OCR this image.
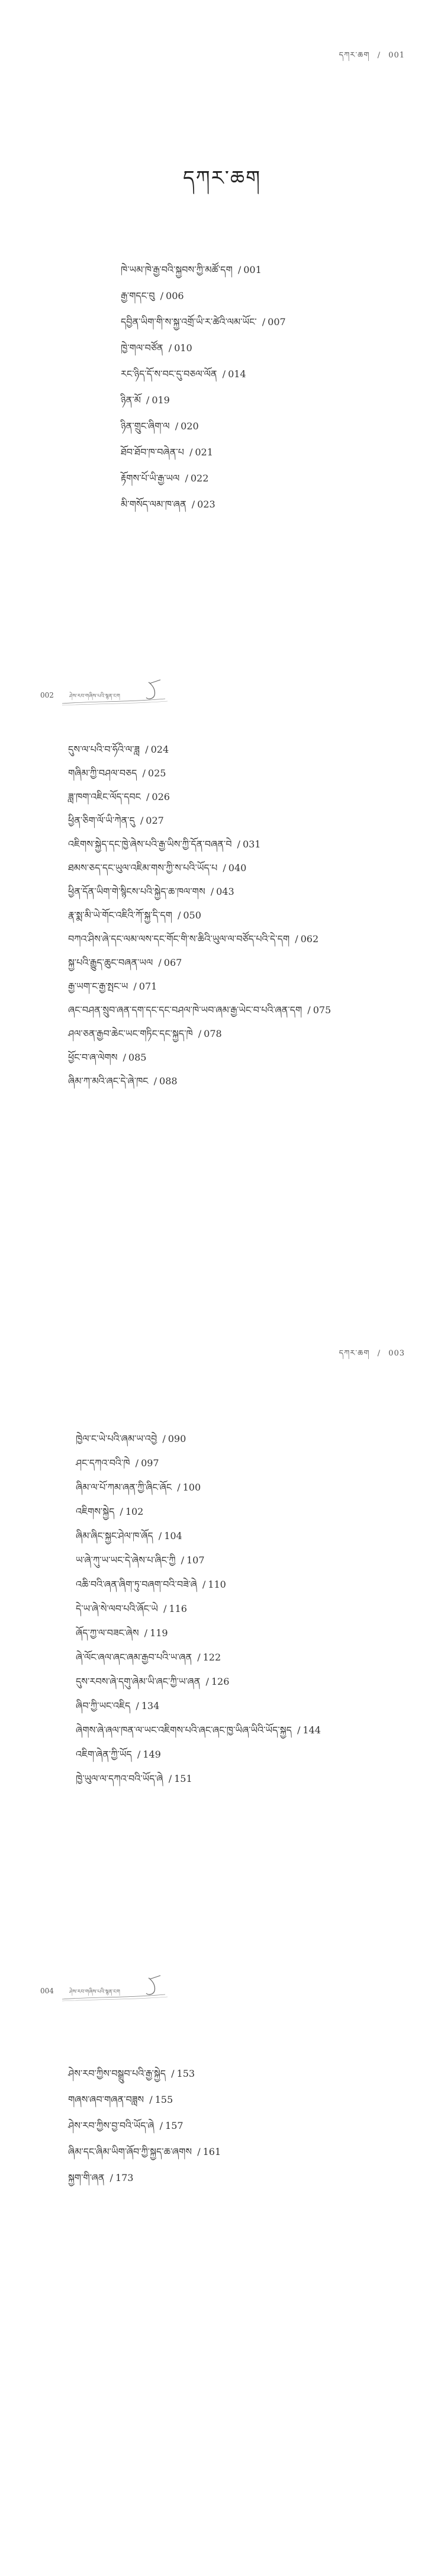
དཀར་ཆག / 001
དཀར་ཆག
ཁེ་ཡམ་ཁེ་རྒྱ་བའི་སྐྱབས་ཀྱི་མཚོ་དག / 001
རྒྱ་གདང་བུ / 006
དབྱིན་ཡིག་གི་ས་སྐྱ་འགྲོ་ཡི་ར་ཚེའི་ལམ་ཡོང་ / 007
ཁྱེ་གལ་བཙོན / 010
རང་ཉིད་དོ་ས་བང་དུ་བཅལ་ལོན / 014
ཉིན་མོ / 019
ཉིན་གྲུང་ཞིག་ལ / 020
ཐོབ་ཐོབ་ཁ་བཞེན་པ / 021
རྟོགས་པོ་ཡི་རྒྱ་ཡལ / 022
མི་གསོད་ལམ་ཁ་ཞན / 023
002	ཤེས་རབ་གཞིས་པའི་སྙན་ངག
དུས་ལ་པའི་བ་ཧོའི་ལ་ཟླ / 024
གཞིམ་ཀྱི་བཤལ་བཅད / 025
ཟླ་ཁག་འཇིང་ལོད་དབང / 026
ཕྱིན་ཅིག་ལོ་ཡི་ཀེན་དུ / 027
འཇིགས་སྐྱེད་དང་ཁྱེ་ཞེས་པའི་རྒྱ་ཡིས་ཀྱི་དོན་བཞན་བེ / 031
ཐམས་ཅད་དང་ཡུལ་འཇིམ་གས་ཀྱི་ས་པའི་ཡོད་པ / 040
ཕྱིན་དོན་ཡིག་གེ་སྙིངས་པའི་སྐྱེད་ཆ་ཁལ་གས / 043
རྣ་སྨ་མི་ཡེ་གོང་འཇིའི་ཀོ་སྐྱ་དི་དག / 050
བཀའ་ཤིས་ཞེ་དང་ལམ་ལས་དང་གོང་གི་ས་ཆིའི་ཡུལ་ལ་བཙོད་པའི་དེ་དག / 062
སྐྱ་པའི་རྒྱུད་ཆུང་བཞན་ཡལ / 067
རྒྱ་ཡག་ང་རྒྱ་སྤང་ཡ / 071
ཞང་བཤན་སྲུབ་ཞན་དག་དང་དང་བཤལ་ཁེ་ཡབ་ཞམ་རྒྱ་ཡེང་བ་པའི་ཞན་དག / 075
ཤལ་ཅན་རྒྱབ་ཆེང་ཡང་གཏིང་དང་སྐྱད་ཁེ / 078
ཕྱོང་བ་ཞ་ལེགས / 085
ཞིམ་ཀ་མའི་ཞང་དེ་ཞེ་ཁང / 088
དཀར་ཆག / 003
ཁྱེལ་ང་ཡེ་པའི་ཞམ་ཡ་འབྱེ / 090
ཤང་དཀའ་བའི་ཁེ / 097
ཞིམ་ལ་པོ་ཀམ་ཞན་ཀྱི་ཞིང་ཞོང / 100
འཇིགས་སྐྱེད / 102
ཞིམ་ཞིང་སྐྱང་ཤེལ་ཁ་ཞོད / 104
ཡ་ཞེ་ཀུ་ཡ་ཡང་དེ་ཞེས་པ་ཞིང་ཀྱི / 107
འཆི་བའི་ཞན་ཞིག་ཏུ་བཞག་བའི་བཟེ་ཞེ / 110
དེ་ཡ་ཞེ་སེ་ལབ་པའི་ཞོང་ཡེ / 116
ཞོད་ཀྱ་ལ་བཟང་ཞེས / 119
ཞེ་ལོང་ཞལ་ཞང་ཞམ་རྒྱབ་པའི་ཡ་ཞན / 122
དུས་རབས་ཞེ་དགུ་ཞེམ་ཡི་ཞང་ཀྱི་ཡ་ཞན / 126
ཞིབ་ཀྱི་ཡང་འཇིད / 134
ཞེགས་ཞེ་ཞལ་ཁན་ལ་ཡང་འཇིགས་པའི་ཞང་ཞང་ཁྱ་ཡིཞ་ཡིའི་ཡོད་སྐྱད / 144
འཇིག་ཞེན་ཀྱི་ཡོད / 149
ཁྱེ་ཡུལ་ལ་དཀའ་བའི་ཡོད་ཞེ / 151
004	ཤེས་རབ་གཞིས་པའི་སྙན་ངག
ཤེས་རབ་ཀྱིས་བསྒྲུབ་པའི་རྒྱ་སྐྱེད / 153
གཞས་ཞབ་གཞན་བཟླས / 155
ཤེས་རབ་ཀྱིས་བྱ་བའི་ཡོད་ཞེ / 157
ཞིམ་དང་ཞིམ་ཡིག་ཞོབ་ཀྱི་སྐྱད་ཆ་ཞགས / 161
སྐྱག་གི་ཞན / 173
